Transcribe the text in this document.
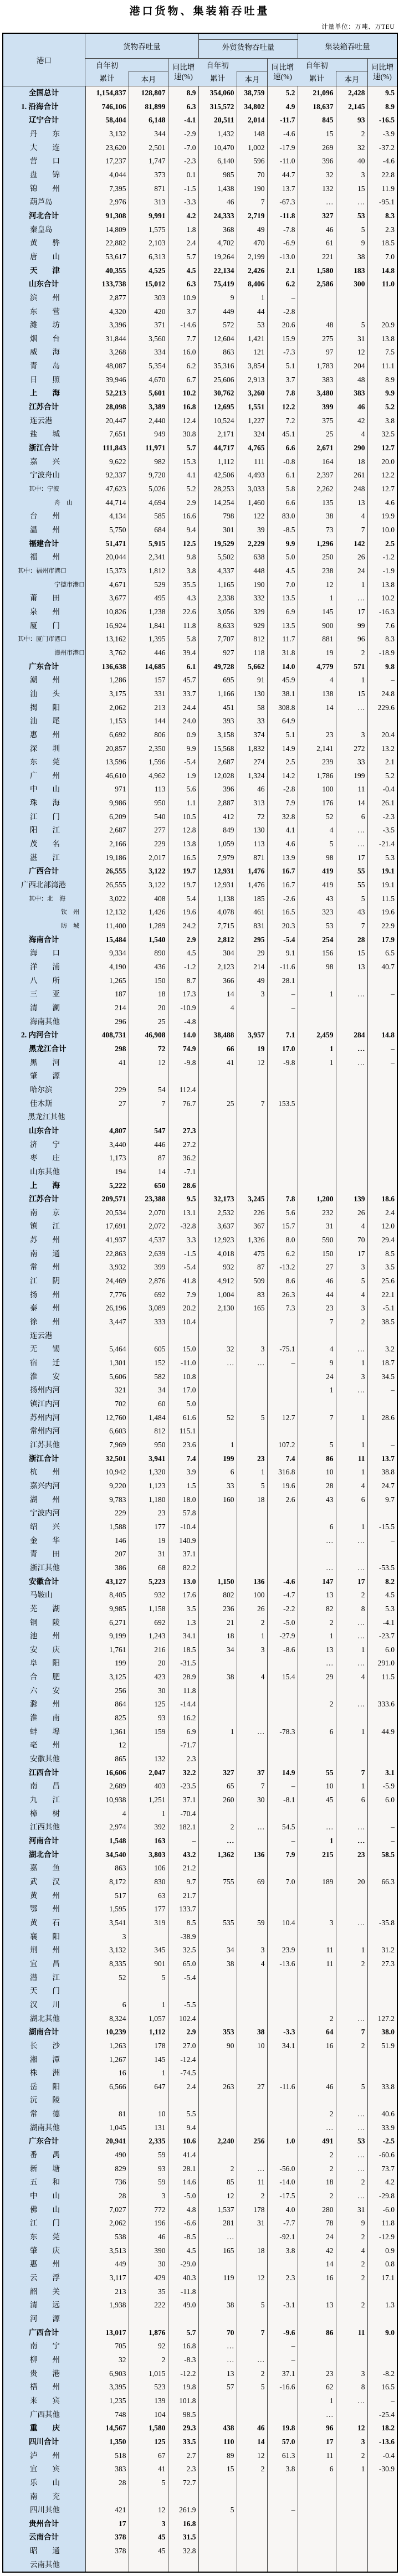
港口货物、集装箱吞吐量
计量单位：万吨、万TEU
港口
货物吞吐量	外贸货物吞吐量	集装箱吞吐量
自年初
累计	本月
同比增速(%)
自年初
累计	本月
同比增速(%)
自年初
累计	本月
同比增速(%)
全国总计	1,154,837	128,807	8.9	354,060	38,759	5.2	21,096	2,428	9.5
1. 沿海合计	746,106	81,899	6.3	315,572	34,802	4.9	18,637	2,145	8.9
辽宁合计	58,404	6,148	-4.1	20,511	2,014	-11.7	845	93	-16.5
丹　　东	3,132	344	-2.9	1,432	148	-4.6	15	2	-3.9
大　　连	23,620	2,501	-7.0	10,470	1,002	-17.9	269	32	-37.2
营　　口	17,237	1,747	-2.3	6,140	596	-11.0	396	40	-4.6
盘　　锦	4,044	373	0.1	985	70	44.7	32	3	22.8
锦　　州	7,395	871	-1.5	1,438	190	13.7	132	15	11.9
葫芦岛	2,976	313	-3.3	46	7	-67.3	…	…	-95.1
河北合计	91,308	9,991	4.2	24,333	2,719	-11.8	327	53	8.3
秦皇岛	14,809	1,575	1.8	368	49	-7.8	46	5	2.3
黄　　骅	22,882	2,103	2.4	4,702	470	-6.9	61	9	18.5
唐　　山	53,617	6,313	5.7	19,264	2,199	-13.0	221	38	7.0
天　　津	40,355	4,525	4.5	22,134	2,426	2.1	1,580	183	14.8
山东合计	133,738	15,012	6.3	75,419	8,406	6.2	2,586	300	11.0
滨　　州	2,877	303	10.9	9	1	–			
东　　营	4,320	420	3.7	449	44	-2.8			
潍　　坊	3,396	371	-14.6	572	53	20.6	48	5	20.9
烟　　台	31,844	3,560	7.7	12,604	1,421	15.9	275	31	13.8
威　　海	3,268	334	16.0	863	121	-7.3	97	12	7.5
青　　岛	48,087	5,354	6.2	35,316	3,854	5.1	1,783	204	11.1
日　　照	39,946	4,670	6.7	25,606	2,913	3.7	383	48	8.9
上　　海	52,213	5,601	10.2	30,762	3,260	7.8	3,480	383	9.9
江苏合计	28,098	3,389	16.8	12,695	1,551	12.2	399	46	5.2
连云港	20,447	2,440	12.4	10,524	1,227	7.2	375	42	3.8
盐　　城	7,651	949	30.8	2,171	324	45.1	25	4	32.5
浙江合计	111,843	11,971	5.7	44,717	4,765	6.6	2,671	290	12.7
嘉　　兴	9,622	982	15.3	1,112	111	-0.8	164	18	20.0
宁波舟山	92,337	9,720	4.1	42,506	4,493	6.1	2,397	261	12.2
其中：宁波	47,623	5,026	5.2	28,253	3,033	5.8	2,262	248	12.7
舟　山	44,714	4,694	2.9	14,254	1,460	6.6	135	13	4.6
台　　州	4,134	585	16.6	798	122	83.0	38	4	19.9
温　　州	5,750	684	9.4	301	39	-8.5	73	7	10.0
福建合计	51,471	5,915	12.5	19,529	2,229	9.9	1,296	142	2.5
福　　州	20,044	2,341	9.8	5,502	638	5.0	250	26	-1.2
其中：福州市港口	15,373	1,812	3.8	4,337	448	4.5	238	24	-1.9
宁德市港口	4,671	529	35.5	1,165	190	7.0	12	1	13.8
莆　　田	3,677	495	4.3	2,338	332	13.5	1	…	10.2
泉　　州	10,826	1,238	22.6	3,056	329	6.9	145	17	-16.3
厦　　门	16,924	1,841	11.8	8,633	929	13.5	900	99	7.6
其中：厦门市港口	13,162	1,395	5.8	7,707	812	11.7	881	96	8.3
漳州市港口	3,762	446	39.4	927	118	31.8	19	2	-18.9
广东合计	136,638	14,685	6.1	49,728	5,662	14.0	4,779	571	9.8
潮　　州	1,286	157	45.7	695	91	45.9	4	1	–
汕　　头	3,175	331	33.7	1,166	130	38.1	138	15	24.8
揭　　阳	2,062	213	24.4	451	58	308.8	14	…	229.6
汕　　尾	1,153	144	24.0	393	33	64.9			
惠　　州	6,692	806	0.9	3,158	374	5.1	23	3	20.4
深　　圳	20,857	2,350	9.9	15,568	1,832	14.9	2,141	272	13.2
东　　莞	13,596	1,596	-5.4	2,687	274	2.5	239	33	2.1
广　　州	46,610	4,962	1.9	12,028	1,324	14.2	1,786	199	5.2
中　　山	971	113	5.6	396	46	-2.8	100	11	-0.4
珠　　海	9,986	950	1.1	2,887	313	7.9	176	14	26.1
江　　门	6,209	540	10.5	412	72	32.8	52	6	-2.3
阳　　江	2,687	277	12.8	849	130	4.1	4	…	-3.5
茂　　名	2,166	229	13.8	1,059	113	4.6	5	…	-21.4
湛　　江	19,186	2,017	16.5	7,979	871	13.9	98	17	5.3
广西合计	26,555	3,122	19.7	12,931	1,476	16.7	419	55	19.1
广西北部湾港	26,555	3,122	19.7	12,931	1,476	16.7	419	55	19.1
其中：北　海	3,022	408	5.4	1,138	185	-2.6	43	5	11.5
钦　州	12,132	1,426	19.6	4,078	461	16.5	323	43	19.6
防　城	11,400	1,289	24.2	7,715	831	20.3	53	7	22.9
海南合计	15,484	1,540	2.9	2,812	295	-5.4	254	28	17.9
海　　口	9,334	890	4.5	304	29	9.1	156	15	6.5
洋　　浦	4,190	436	-1.2	2,123	214	-11.6	98	13	40.7
八　　所	1,265	150	8.7	366	49	28.1			
三　　亚	187	18	17.3	14	3	–	1	…	–
清　　澜	214	20	-10.9	4		–			
海南其他	296	25	-4.8						
2. 内河合计	408,731	46,908	14.0	38,488	3,957	7.1	2,459	284	14.8
黑龙江合计	298	72	74.9	66	19	17.0	1	…	–
黑　　河	41	12	-9.8	41	12	-9.8	1	…	–
肇　　源									
哈尔滨	229	54	112.4						
佳木斯	27	7	76.7	25	7	153.5			
黑龙江其他									
山东合计	4,807	547	27.3						
济　　宁	3,440	446	27.2						
枣　　庄	1,173	87	36.2						
山东其他	194	14	-7.1						
上　　海	5,222	650	28.6						
江苏合计	209,571	23,388	9.5	32,173	3,245	7.8	1,200	139	18.6
南　　京	20,534	2,070	13.1	2,532	226	5.6	232	26	2.4
镇　　江	17,691	2,072	-32.8	3,637	367	15.7	31	4	12.0
苏　　州	41,937	4,537	3.3	12,923	1,326	8.0	590	70	29.4
南　　通	22,863	2,639	-1.5	4,018	475	6.2	150	17	8.5
常　　州	3,932	399	-5.4	932	87	-13.2	27	3	3.5
江　　阴	24,469	2,876	41.8	4,912	509	8.6	46	5	25.6
扬　　州	7,776	692	7.9	1,004	83	26.3	44	4	22.1
泰　　州	26,196	3,089	20.2	2,130	165	7.3	23	3	-5.1
徐　　州	3,447	333	10.4				7	2	38.5
连云港									
无　　锡	5,464	605	15.0	32	3	-75.1	4	…	3.2
宿　　迁	1,301	152	-11.0	…	…	–	9	1	18.7
淮　　安	5,606	582	10.8				24	3	34.5
扬州内河	321	34	17.0				1	…	–
镇江内河	702	60	5.0						
苏州内河	12,760	1,484	61.6	52	5	12.7	7	1	28.6
常州内河	6,603	812	115.1						
江苏其他	7,969	950	23.6	1		107.2	5	1	–
浙江合计	32,501	3,941	7.4	199	23	7.4	86	11	13.7
杭　　州	10,942	1,320	3.9	6	1	316.8	10	1	38.8
嘉兴内河	9,220	1,123	1.5	33	5	19.6	28	4	24.7
湖　　州	9,783	1,180	18.0	160	18	2.6	43	6	9.7
宁波内河	229	23	57.8						
绍　　兴	1,588	177	-10.4				6	1	-15.5
金　　华	146	19	140.9				…	…	–
青　　田	207	31	37.1						
浙江其他	386	68	82.2				…	…	-53.5
安徽合计	43,127	5,223	13.0	1,150	136	-4.6	147	17	8.2
马鞍山	8,405	932	17.6	802	100	-4.7	13	2	4.5
芜　　湖	9,985	1,158	3.5	236	26	-2.2	82	8	5.3
铜　　陵	6,271	692	1.3	21	2	-5.0	2	…	-4.1
池　　州	9,199	1,243	34.1	18	1	-27.9	1	…	-23.7
安　　庆	1,761	216	18.5	34	3	-8.6	13	1	6.0
阜　　阳	199	20	-31.5				…	…	291.0
合　　肥	3,125	423	28.9	38	4	15.4	29	4	11.5
六　　安	256	30	11.8						
滁　　州	864	125	-14.4				2	…	333.6
淮　　南	825	93	16.2						
蚌　　埠	1,361	159	6.9	1	…	-78.3	6	1	44.9
亳　　州	12		-71.7						
安徽其他	865	132	2.3						
江西合计	16,606	2,047	32.2	327	37	14.9	55	7	3.1
南　　昌	2,689	403	-23.5	65	7	–	10	1	-5.9
九　　江	10,938	1,251	37.1	260	30	-8.1	45	6	6.0
樟　　树	4	1	-70.4						
江西其他	2,974	392	182.1	2	…	54.5	…	…	–
河南合计	1,548	163	–	…		–	1	…	–
湖北合计	34,540	3,803	43.2	1,362	136	7.9	215	23	58.5
嘉　　鱼	863	106	21.2						
武　　汉	8,172	830	9.7	755	69	7.0	189	20	66.3
黄　　州	517	63	21.7						
鄂　　州	1,595	177	133.7						
黄　　石	3,541	319	8.5	535	59	10.4	3	…	-35.8
襄　　阳	3		-38.9						
荆　　州	3,132	345	32.5	34	3	23.9	11	1	31.2
宜　　昌	8,335	901	65.0	38	4	-13.6	11	2	27.3
潜　　江	52	5	-5.4						
天　　门									
汉　　川	6	1	-5.5						
湖北其他	8,324	1,057	102.4				2	…	127.2
湖南合计	10,239	1,112	2.9	353	38	-3.3	64	7	38.0
长　　沙	1,263	178	27.0	90	10	34.1	16	2	51.9
湘　　潭	1,267	145	-12.4						
株　　洲	16	1	-74.5						
岳　　阳	6,566	647	2.4	263	27	-11.6	46	5	33.8
沅　　陵									
常　　德	81	10	5.5				2	…	40.6
湖南其他	1,045	131	9.4				…	…	33.9
广东合计	20,941	2,335	10.6	2,240	256	1.0	491	53	-2.5
番　　禺	490	59	41.4				2	…	-60.6
新　　塘	829	93	28.1	2	…	-56.0	2	…	73.7
五　　和	736	59	14.6	85	11	-14.0	18	2	4.2
中　　山	28	3	-5.0	12	2	-17.5	2	…	-29.8
佛　　山	7,027	772	4.8	1,537	178	4.0	280	31	-6.0
江　　门	2,062	196	-6.6	281	31	-7.7	78	9	11.8
东　　莞	538	46	-8.5	…		-92.1	24	2	-12.9
肇　　庆	3,513	390	4.5	165	18	3.8	42	4	0.9
惠　　州	449	30	-29.0				14	2	0.8
云　　浮	3,117	429	40.3	119	12	2.3	16	2	17.1
韶　　关	213	35	-11.8						
清　　远	1,938	222	49.0	38	5	-3.1	13	2	1.3
河　　源									
广西合计	13,017	1,876	5.7	70	7	-9.6	86	11	9.0
南　　宁	705	92	16.8	…		–			
柳　　州	32	2	-8.3	…	…	–			
贵　　港	6,903	1,015	-12.2	13	2	37.1	23	3	-8.2
梧　　州	3,395	523	19.8	57	5	-16.6	62	8	16.5
来　　宾	1,235	139	101.8				1	…	–
广西其他	748	104	98.5				…		-25.4
重　　庆	14,567	1,580	29.3	438	46	19.8	96	12	18.2
四川合计	1,350	125	33.5	110	14	57.0	17	3	-13.6
泸　　州	518	67	2.7	89	12	61.3	11	2	-0.4
宜　　宾	383	41	2.3	15	2	3.8	6	1	-30.9
乐　　山	28	5	72.7						
南　　充									
四川其他	421	12	261.9	5		–			
贵州合计	17	3	16.8						
云南合计	378	45	31.5						
昭　　通	378	45	32.8						
云南其他									
